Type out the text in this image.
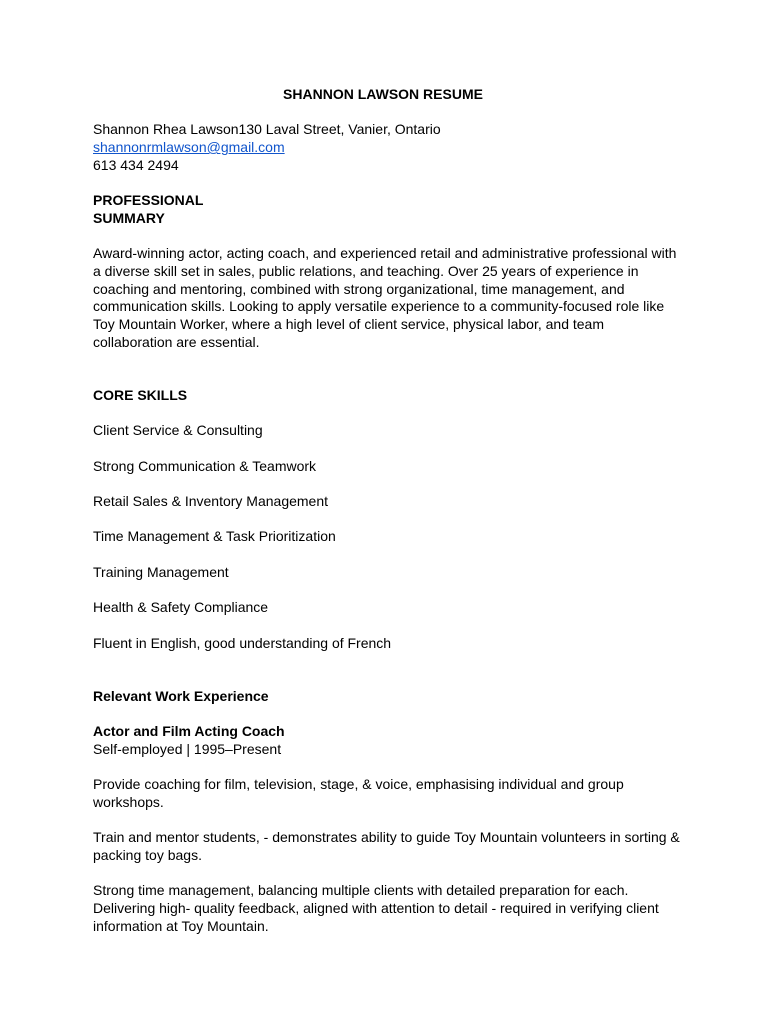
SHANNON LAWSON RESUME

Shannon Rhea Lawson130 Laval Street, Vanier, Ontario

shannonrmlawson@gmail.com

613 434 2494

PROFESSIONAL

SUMMARY

Award-winning actor, acting coach, and experienced retail and administrative professional with a diverse skill set in sales, public relations, and teaching. Over 25 years of experience in coaching and mentoring, combined with strong organizational, time management, and communication skills. Looking to apply versatile experience to a community-focused role like Toy Mountain Worker, where a high level of client service, physical labor, and team collaboration are essential.

CORE SKILLS

Client Service & Consulting

Strong Communication & Teamwork

Retail Sales & Inventory Management

Time Management & Task Prioritization

Training Management

Health & Safety Compliance

Fluent in English, good understanding of French

Relevant Work Experience

Actor and Film Acting Coach

Self-employed | 1995–Present

Provide coaching for film, television, stage, & voice, emphasising individual and group workshops.

Train and mentor students, - demonstrates ability to guide Toy Mountain volunteers in sorting & packing toy bags.

Strong time management, balancing multiple clients with detailed preparation for each. Delivering high- quality feedback, aligned with attention to detail - required in verifying client information at Toy Mountain.
